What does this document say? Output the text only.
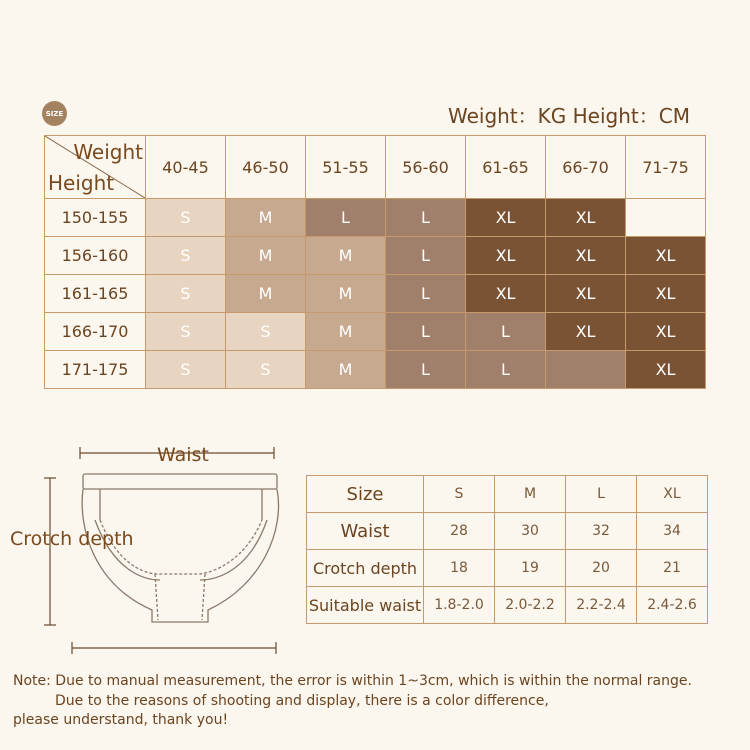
SIZE	Weight：KG Height：CM
Weight
Height	40-45	46-50	51-55	56-60	61-65	66-70	71-75
150-155	S	M	L	L	XL	XL	
156-160	S	M	M	L	XL	XL	XL
161-165	S	M	M	L	XL	XL	XL
166-170	S	S	M	L	L	XL	XL
171-175	S	S	M	L	L		XL
Waist
Crotch depth
Size	S	M	L	XL
Waist	28	30	32	34
Crotch depth	18	19	20	21
Suitable waist	1.8-2.0	2.0-2.2	2.2-2.4	2.4-2.6
Note: Due to manual measurement, the error is within 1~3cm, which is within the normal range.
Due to the reasons of shooting and display, there is a color difference,
please understand, thank you!
